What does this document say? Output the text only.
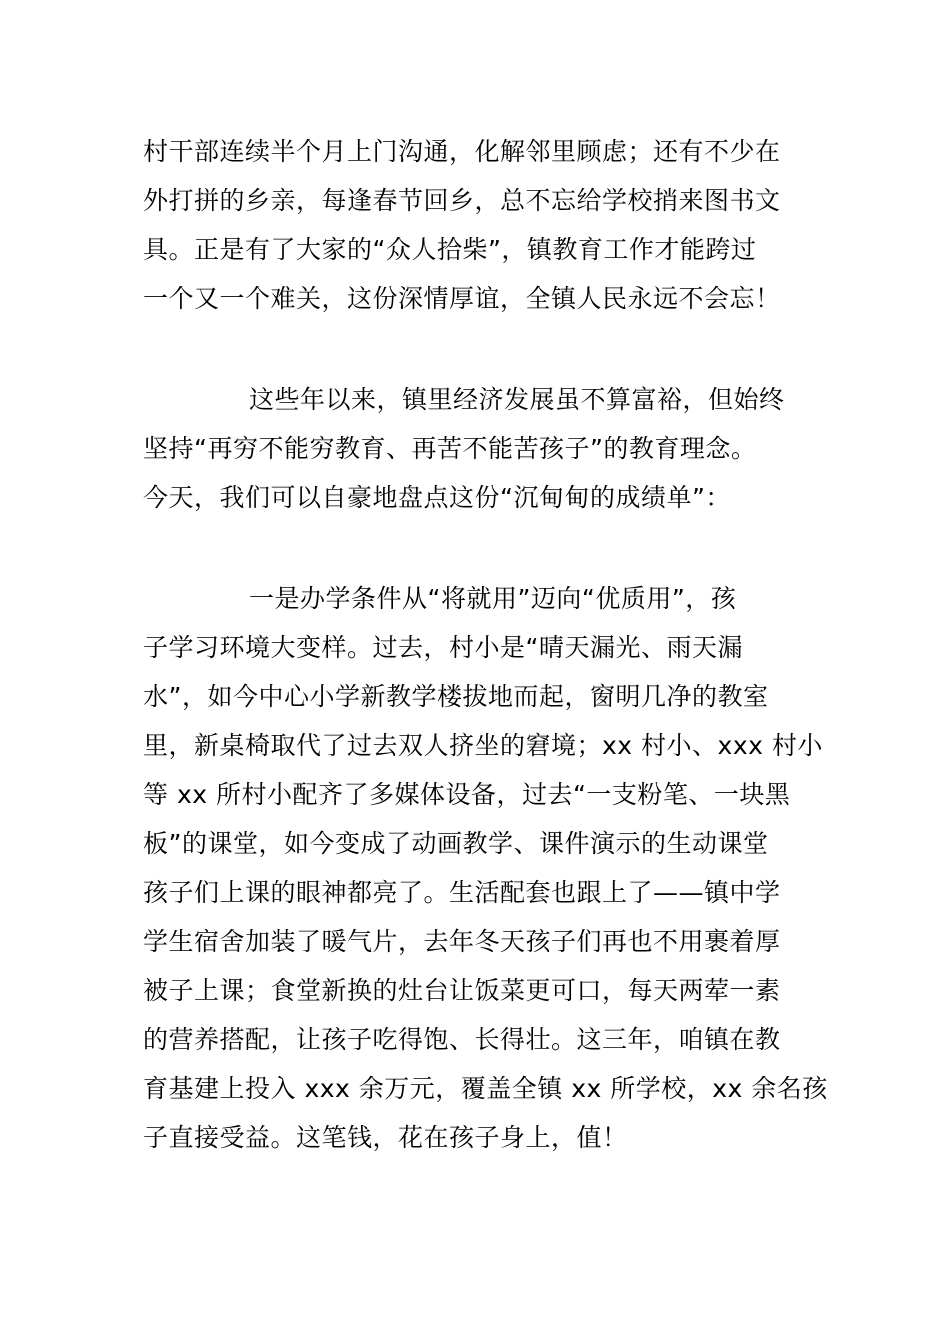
村干部连续半个月上门沟通，化解邻里顾虑；还有不少在

外打拼的乡亲，每逢春节回乡，总不忘给学校捎来图书文

具。正是有了大家的“众人拾柴”，镇教育工作才能跨过

一个又一个难关，这份深情厚谊，全镇人民永远不会忘！

这些年以来，镇里经济发展虽不算富裕，但始终

坚持“再穷不能穷教育、再苦不能苦孩子”的教育理念。

今天，我们可以自豪地盘点这份“沉甸甸的成绩单”：

一是办学条件从“将就用”迈向“优质用”，孩

子学习环境大变样。过去，村小是“晴天漏光、雨天漏

水”，如今中心小学新教学楼拔地而起，窗明几净的教室

里，新桌椅取代了过去双人挤坐的窘境；xx 村小、xxx 村小

等 xx 所村小配齐了多媒体设备，过去“一支粉笔、一块黑

板”的课堂，如今变成了动画教学、课件演示的生动课堂

孩子们上课的眼神都亮了。生活配套也跟上了——镇中学

学生宿舍加装了暖气片，去年冬天孩子们再也不用裹着厚

被子上课；食堂新换的灶台让饭菜更可口，每天两荤一素

的营养搭配，让孩子吃得饱、长得壮。这三年，咱镇在教

育基建上投入 xxx 余万元，覆盖全镇 xx 所学校，xx 余名孩

子直接受益。这笔钱，花在孩子身上，值！
